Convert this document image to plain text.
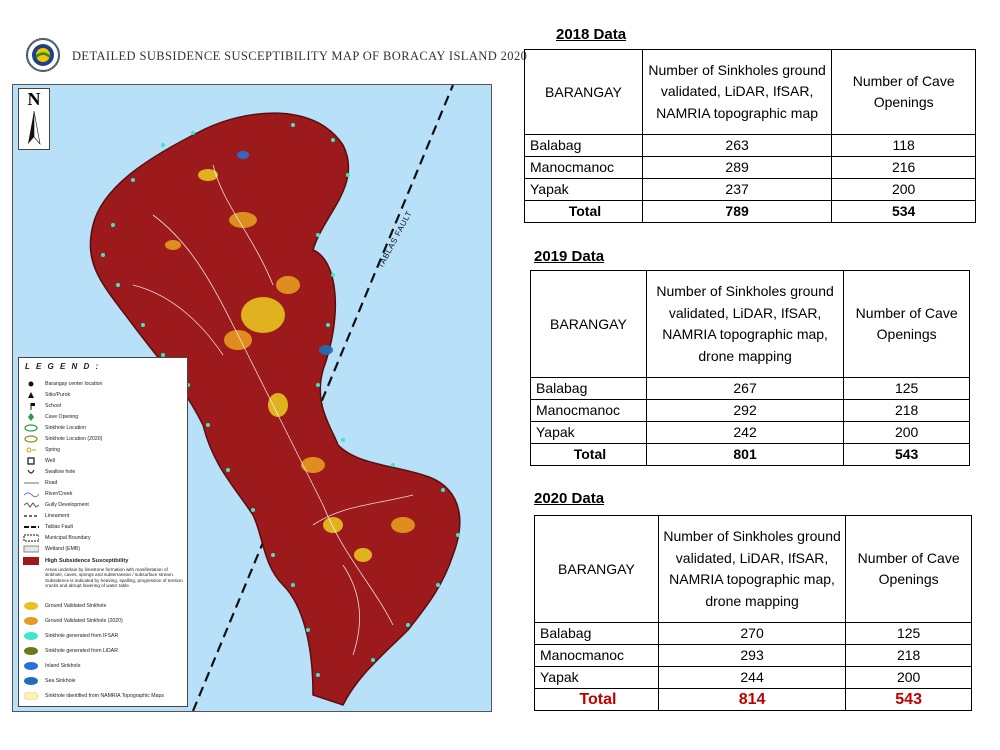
DETAILED SUBSIDENCE SUSCEPTIBILITY MAP OF BORACAY ISLAND 2020
N
TABLAS FAULT
L E G E N D :
Barangay center location
Sitio/Purok
School
Cave Opening
Sinkhole Location
Sinkhole Location (2020)
Spring
Well
Swallow hole
Road
River/Creek
Gully Development
Lineament
Tablas Fault
Municipal Boundary
Wetland (EMB)
High Subsidence Susceptibility
Areas underlain by limestone formation with manifestation of sinkhole, caves, springs and subterranean / subsurface stream. Subsidence is indicated by heaving, spalling, progression of tension cracks and abrupt lowering of water table.
Ground Validated Sinkhole
Ground Validated Sinkhole (2020)
Sinkhole generated from IFSAR
Sinkhole generated from LiDAR
Inland Sinkhole
Sea Sinkhole
Sinkhole identified from NAMRIA Topographic Maps
2018 Data
BARANGAY	Number of Sinkholes ground validated, LiDAR, IfSAR, NAMRIA topographic map	Number of Cave Openings

Balabag	263	118
Manocmanoc	289	216
Yapak	237	200
Total	789	534
2019 Data
BARANGAY	Number of Sinkholes ground validated, LiDAR, IfSAR, NAMRIA topographic map, drone mapping	Number of Cave Openings

Balabag	267	125
Manocmanoc	292	218
Yapak	242	200
Total	801	543
2020 Data
BARANGAY	Number of Sinkholes ground validated, LiDAR, IfSAR, NAMRIA topographic map, drone mapping	Number of Cave Openings

Balabag	270	125
Manocmanoc	293	218
Yapak	244	200
Total	814	543
